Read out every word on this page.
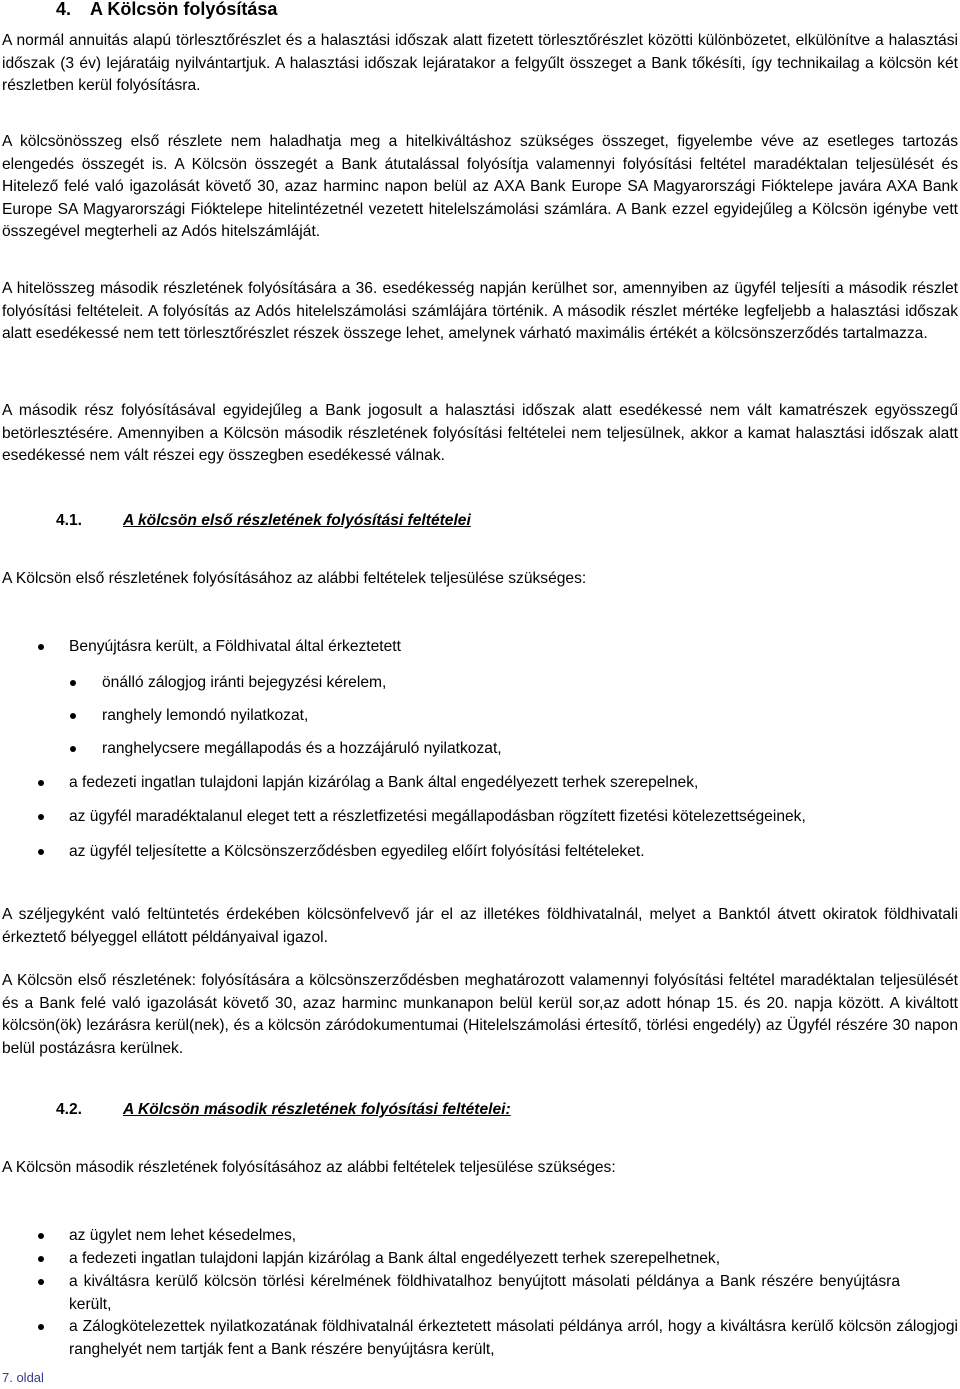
4. A Kölcsön folyósítása

A normál annuitás alapú törlesztőrészlet és a halasztási időszak alatt fizetett törlesztőrészlet közötti különbözetet, elkülönítve a halasztási időszak (3 év) lejáratáig nyilvántartjuk. A halasztási időszak lejáratakor a felgyűlt összeget a Bank tőkésíti, így technikailag a kölcsön két részletben kerül folyósításra.

A kölcsönösszeg első részlete nem haladhatja meg a hitelkiváltáshoz szükséges összeget, figyelembe véve az esetleges tartozás elengedés összegét is. A Kölcsön összegét a Bank átutalással folyósítja valamennyi folyósítási feltétel maradéktalan teljesülését és Hitelező felé való igazolását követő 30, azaz harminc napon belül az AXA Bank Europe SA Magyarországi Fióktelepe javára AXA Bank Europe SA Magyarországi Fióktelepe hitelintézetnél vezetett hitelelszámolási számlára. A Bank ezzel egyidejűleg a Kölcsön igénybe vett összegével megterheli az Adós hitelszámláját.

A hitelösszeg második részletének folyósítására a 36. esedékesség napján kerülhet sor, amennyiben az ügyfél teljesíti a második részlet folyósítási feltételeit. A folyósítás az Adós hitelelszámolási számlájára történik. A második részlet mértéke legfeljebb a halasztási időszak alatt esedékessé nem tett törlesztőrészlet részek összege lehet, amelynek várható maximális értékét a kölcsönszerződés tartalmazza.

A második rész folyósításával egyidejűleg a Bank jogosult a halasztási időszak alatt esedékessé nem vált kamatrészek egyösszegű betörlesztésére. Amennyiben a Kölcsön második részletének folyósítási feltételei nem teljesülnek, akkor a kamat halasztási időszak alatt esedékessé nem vált részei egy összegben esedékessé válnak.

4.1.	A kölcsön első részletének folyósítási feltételei

A Kölcsön első részletének folyósításához az alábbi feltételek teljesülése szükséges:

Benyújtásra került, a Földhivatal által érkeztetett
önálló zálogjog iránti bejegyzési kérelem,
ranghely lemondó nyilatkozat,
ranghelycsere megállapodás és a hozzájáruló nyilatkozat,
a fedezeti ingatlan tulajdoni lapján kizárólag a Bank által engedélyezett terhek szerepelnek,
az ügyfél maradéktalanul eleget tett a részletfizetési megállapodásban rögzített fizetési kötelezettségeinek,
az ügyfél teljesítette a Kölcsönszerződésben egyedileg előírt folyósítási feltételeket.

A széljegyként való feltüntetés érdekében kölcsönfelvevő jár el az illetékes földhivatalnál, melyet a Banktól átvett okiratok földhivatali érkeztető bélyeggel ellátott példányaival igazol.

A Kölcsön első részletének: folyósítására a kölcsönszerződésben meghatározott valamennyi folyósítási feltétel maradéktalan teljesülését és a Bank felé való igazolását követő 30, azaz harminc munkanapon belül kerül sor,az adott hónap 15. és 20. napja között. A kiváltott kölcsön(ök) lezárásra kerül(nek), és a kölcsön záródokumentumai (Hitelelszámolási értesítő, törlési engedély) az Ügyfél részére 30 napon belül postázásra kerülnek.

4.2.	A Kölcsön második részletének folyósítási feltételei:

A Kölcsön második részletének folyósításához az alábbi feltételek teljesülése szükséges:

az ügylet nem lehet késedelmes,
a fedezeti ingatlan tulajdoni lapján kizárólag a Bank által engedélyezett terhek szerepelhetnek,
a kiváltásra kerülő kölcsön törlési kérelmének földhivatalhoz benyújtott másolati példánya a Bank részére benyújtásra került,
a Zálogkötelezettek nyilatkozatának földhivatalnál érkeztetett másolati példánya arról, hogy a kiváltásra kerülő kölcsön zálogjogi ranghelyét nem tartják fent a Bank részére benyújtásra került,
7. oldal
